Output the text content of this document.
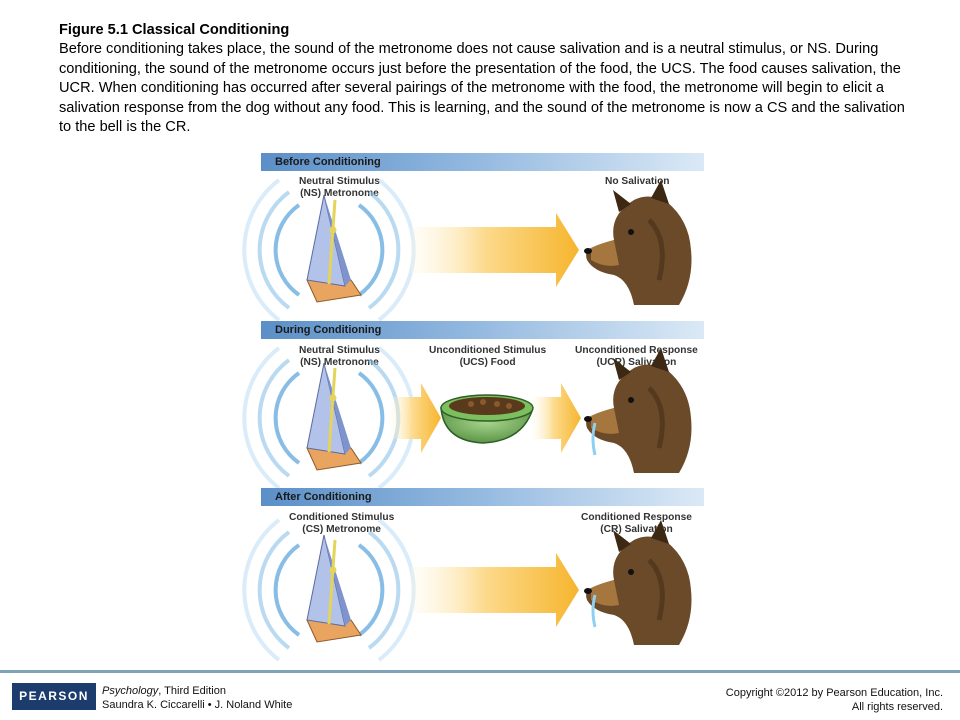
Figure 5.1 Classical Conditioning
Before conditioning takes place, the sound of the metronome does not cause salivation and is a neutral stimulus, or NS. During conditioning, the sound of the metronome occurs just before the presentation of the food, the UCS. The food causes salivation, the UCR. When conditioning has occurred after several pairings of the metronome with the food, the metronome will begin to elicit a salivation response from the dog without any food. This is learning, and the sound of the metronome is now a CS and the salivation to the bell is the CR.
Before Conditioning
Neutral Stimulus
(NS) Metronome
No Salivation
During Conditioning
Neutral Stimulus
(NS) Metronome
Unconditioned Stimulus
(UCS) Food
Unconditioned Response
(UCR) Salivation
After Conditioning
Conditioned Stimulus
(CS) Metronome
Conditioned Response
(CR) Salivation
PEARSON	Psychology, Third Edition
Saundra K. Ciccarelli • J. Noland White
Copyright ©2012 by Pearson Education, Inc.
All rights reserved.
